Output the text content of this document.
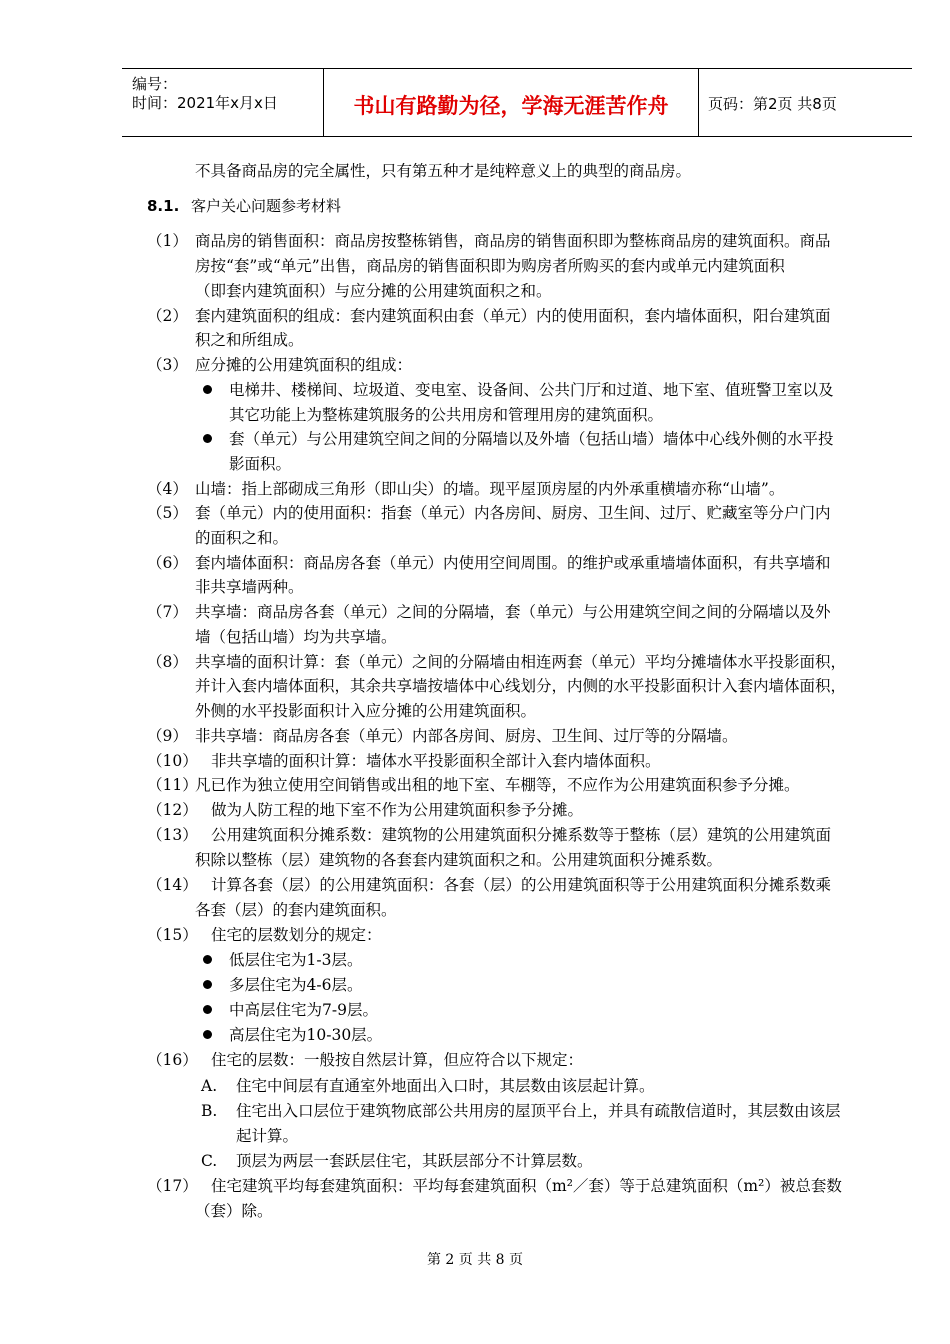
编号：
时间：2021年x月x日	书山有路勤为径，学海无涯苦作舟	页码：第2页 共8页
不具备商品房的完全属性，只有第五种才是纯粹意义上的典型的商品房。
8.1. 客户关心问题参考材料
（1） 商品房的销售面积：商品房按整栋销售，商品房的销售面积即为整栋商品房的建筑面积。商品
房按“套”或“单元”出售，商品房的销售面积即为购房者所购买的套内或单元内建筑面积
（即套内建筑面积）与应分摊的公用建筑面积之和。
（2） 套内建筑面积的组成：套内建筑面积由套（单元）内的使用面积，套内墙体面积，阳台建筑面
积之和所组成。
（3） 应分摊的公用建筑面积的组成：
电梯井、楼梯间、垃圾道、变电室、设备间、公共门厅和过道、地下室、值班警卫室以及
其它功能上为整栋建筑服务的公共用房和管理用房的建筑面积。
套（单元）与公用建筑空间之间的分隔墙以及外墙（包括山墙）墙体中心线外侧的水平投
影面积。
（4） 山墙：指上部砌成三角形（即山尖）的墙。现平屋顶房屋的内外承重横墙亦称“山墙”。
（5） 套（单元）内的使用面积：指套（单元）内各房间、厨房、卫生间、过厅、贮藏室等分户门内
的面积之和。
（6） 套内墙体面积：商品房各套（单元）内使用空间周围。的维护或承重墙墙体面积，有共享墙和
非共享墙两种。
（7） 共享墙：商品房各套（单元）之间的分隔墙，套（单元）与公用建筑空间之间的分隔墙以及外
墙（包括山墙）均为共享墙。
（8） 共享墙的面积计算：套（单元）之间的分隔墙由相连两套（单元）平均分摊墙体水平投影面积，
并计入套内墙体面积，其余共享墙按墙体中心线划分，内侧的水平投影面积计入套内墙体面积，
外侧的水平投影面积计入应分摊的公用建筑面积。
（9） 非共享墙：商品房各套（单元）内部各房间、厨房、卫生间、过厅等的分隔墙。
（10） 非共享墙的面积计算：墙体水平投影面积全部计入套内墙体面积。
（11）
凡已作为独立使用空间销售或出租的地下室、车棚等，不应作为公用建筑面积参予分摊。
（12） 做为人防工程的地下室不作为公用建筑面积参予分摊。
（13） 公用建筑面积分摊系数：建筑物的公用建筑面积分摊系数等于整栋（层）建筑的公用建筑面
积除以整栋（层）建筑物的各套套内建筑面积之和。公用建筑面积分摊系数。
（14） 计算各套（层）的公用建筑面积：各套（层）的公用建筑面积等于公用建筑面积分摊系数乘
各套（层）的套内建筑面积。
（15） 住宅的层数划分的规定：
低层住宅为1-3层。
多层住宅为4-6层。
中高层住宅为7-9层。
高层住宅为10-30层。
（16） 住宅的层数：一般按自然层计算，但应符合以下规定：
A. 住宅中间层有直通室外地面出入口时，其层数由该层起计算。
B. 住宅出入口层位于建筑物底部公共用房的屋顶平台上，并具有疏散信道时，其层数由该层
起计算。
C. 顶层为两层一套跃层住宅，其跃层部分不计算层数。
（17） 住宅建筑平均每套建筑面积：平均每套建筑面积（m²／套）等于总建筑面积（m²）被总套数
（套）除。
第 2 页 共 8 页
